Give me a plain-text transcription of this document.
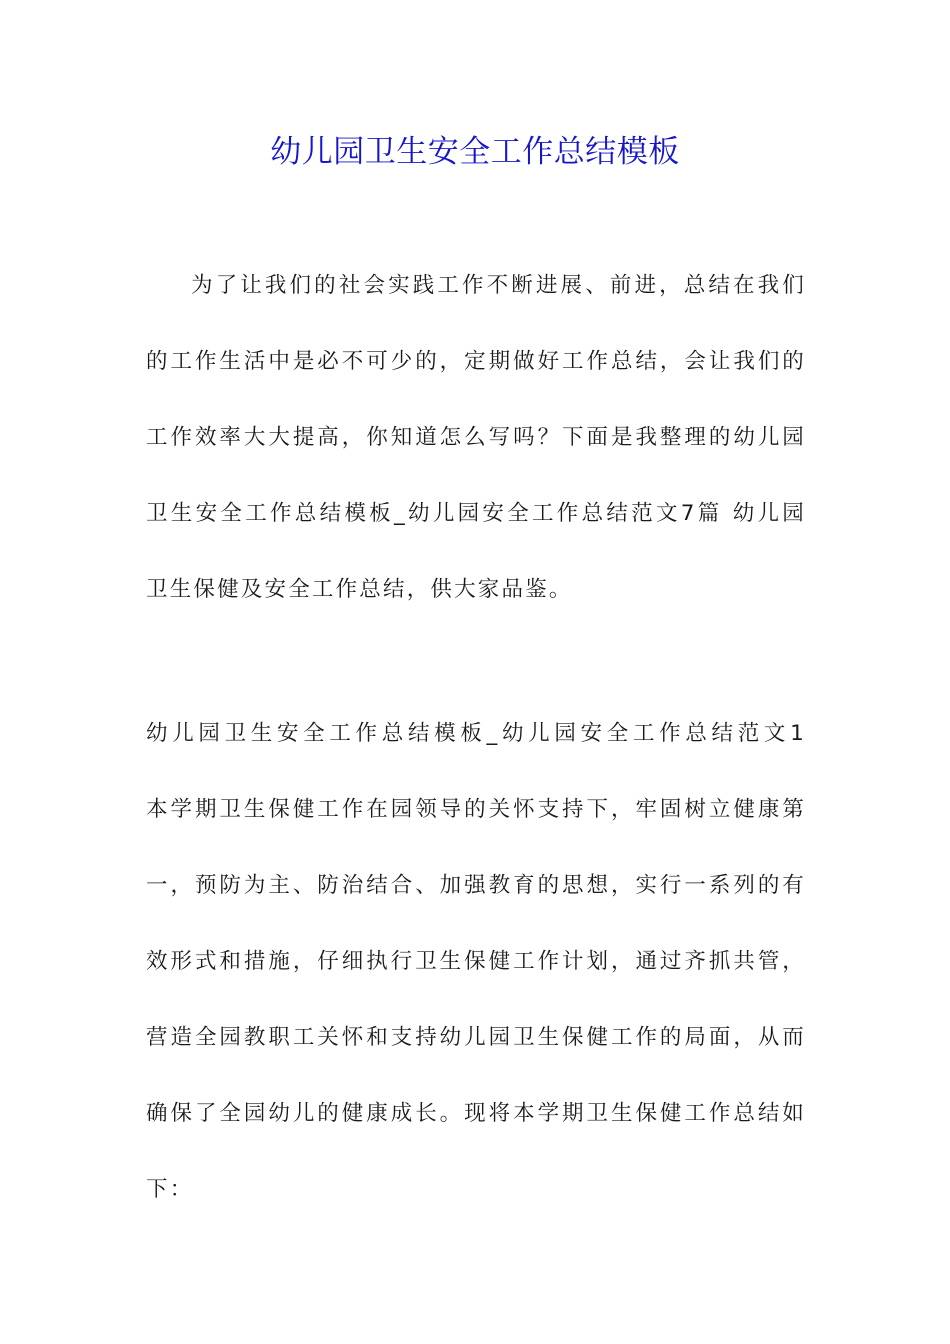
幼儿园卫生安全工作总结模板
为了让我们的社会实践工作不断进展、前进，总结在我们
的工作生活中是必不可少的，定期做好工作总结，会让我们的
工作效率大大提高，你知道怎么写吗？下面是我整理的幼儿园
卫生安全工作总结模板_幼儿园安全工作总结范文7篇 幼儿园
卫生保健及安全工作总结，供大家品鉴。
幼儿园卫生安全工作总结模板_幼儿园安全工作总结范文1
本学期卫生保健工作在园领导的关怀支持下，牢固树立健康第
一，预防为主、防治结合、加强教育的思想，实行一系列的有
效形式和措施，仔细执行卫生保健工作计划，通过齐抓共管，
营造全园教职工关怀和支持幼儿园卫生保健工作的局面，从而
确保了全园幼儿的健康成长。现将本学期卫生保健工作总结如
下：
